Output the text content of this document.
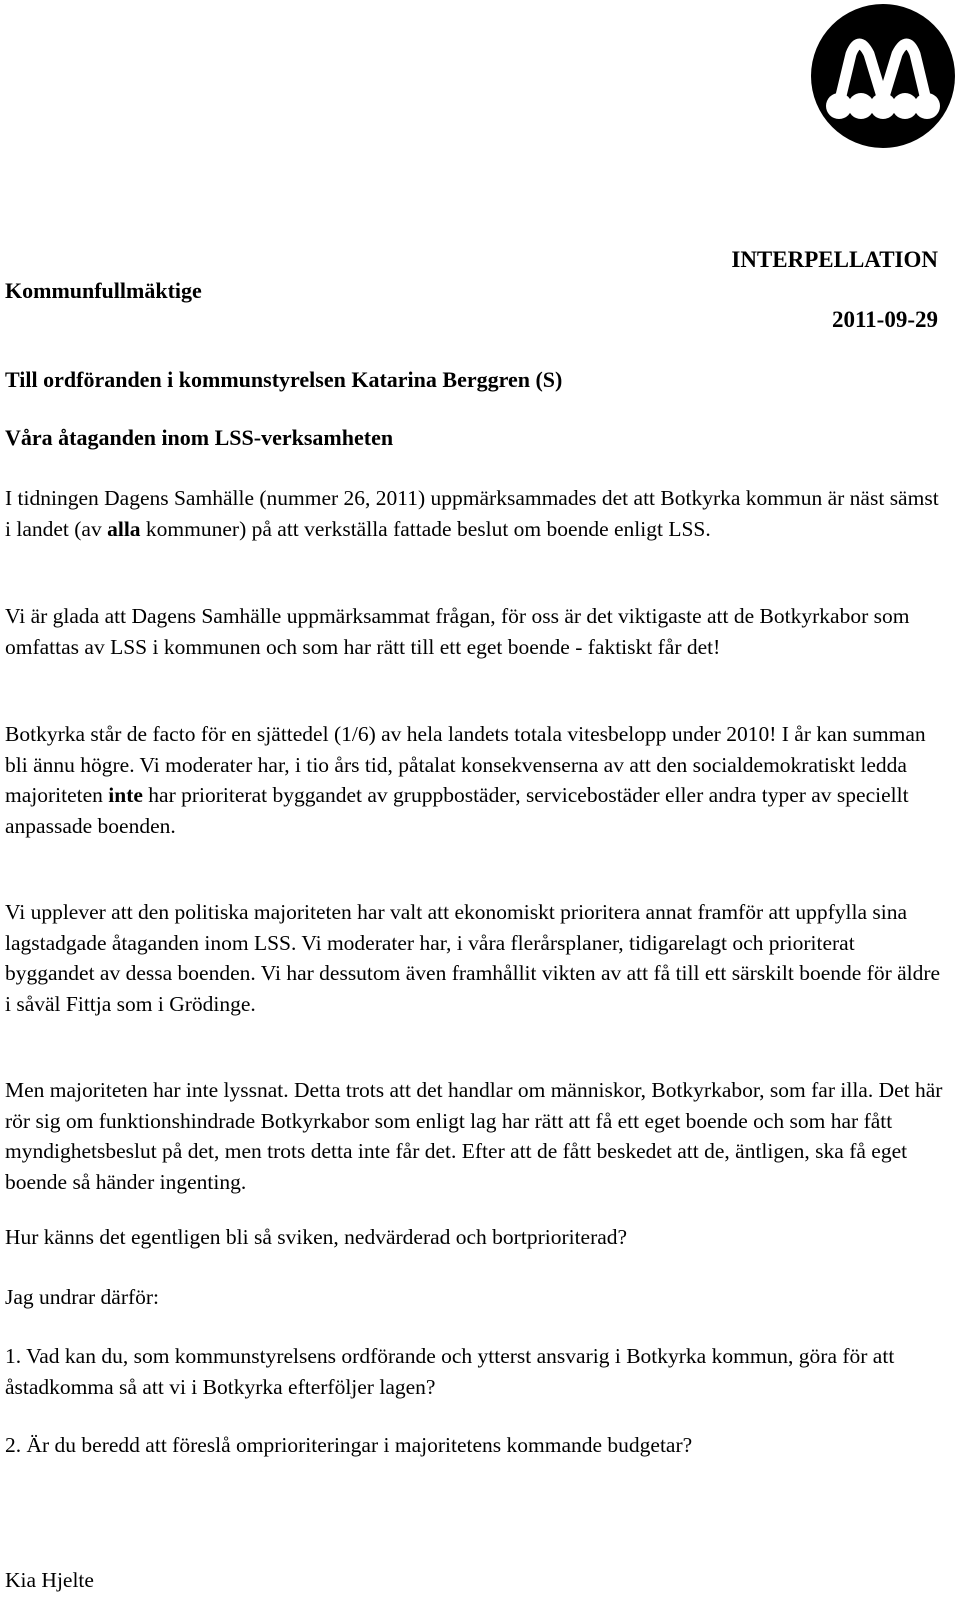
INTERPELLATION
Kommunfullmäktige
2011-09-29
Till ordföranden i kommunstyrelsen Katarina Berggren (S)
Våra åtaganden inom LSS-verksamheten

I tidningen Dagens Samhälle (nummer 26, 2011) uppmärksammades det att Botkyrka kommun är näst sämst i landet (av alla kommuner) på att verkställa fattade beslut om boende enligt LSS.

Vi är glada att Dagens Samhälle uppmärksammat frågan, för oss är det viktigaste att de Botkyrkabor som omfattas av LSS i kommunen och som har rätt till ett eget boende - faktiskt får det!

Botkyrka står de facto för en sjättedel (1/6) av hela landets totala vitesbelopp under 2010! I år kan summan bli ännu högre. Vi moderater har, i tio års tid, påtalat konsekvenserna av att den socialdemokratiskt ledda majoriteten inte har prioriterat byggandet av gruppbostäder, servicebostäder eller andra typer av speciellt anpassade boenden.

Vi upplever att den politiska majoriteten har valt att ekonomiskt prioritera annat framför att uppfylla sina lagstadgade åtaganden inom LSS. Vi moderater har, i våra flerårsplaner, tidigarelagt och prioriterat byggandet av dessa boenden. Vi har dessutom även framhållit vikten av att få till ett särskilt boende för äldre i såväl Fittja som i Grödinge.

Men majoriteten har inte lyssnat. Detta trots att det handlar om människor, Botkyrkabor, som far illa. Det här rör sig om funktionshindrade Botkyrkabor som enligt lag har rätt att få ett eget boende och som har fått myndighetsbeslut på det, men trots detta inte får det. Efter att de fått beskedet att de, äntligen, ska få eget boende så händer ingenting.

Hur känns det egentligen bli så sviken, nedvärderad och bortprioriterad?

Jag undrar därför:

1. Vad kan du, som kommunstyrelsens ordförande och ytterst ansvarig i Botkyrka kommun, göra för att åstadkomma så att vi i Botkyrka efterföljer lagen?

2. Är du beredd att föreslå omprioriteringar i majoritetens kommande budgetar?

Kia Hjelte
